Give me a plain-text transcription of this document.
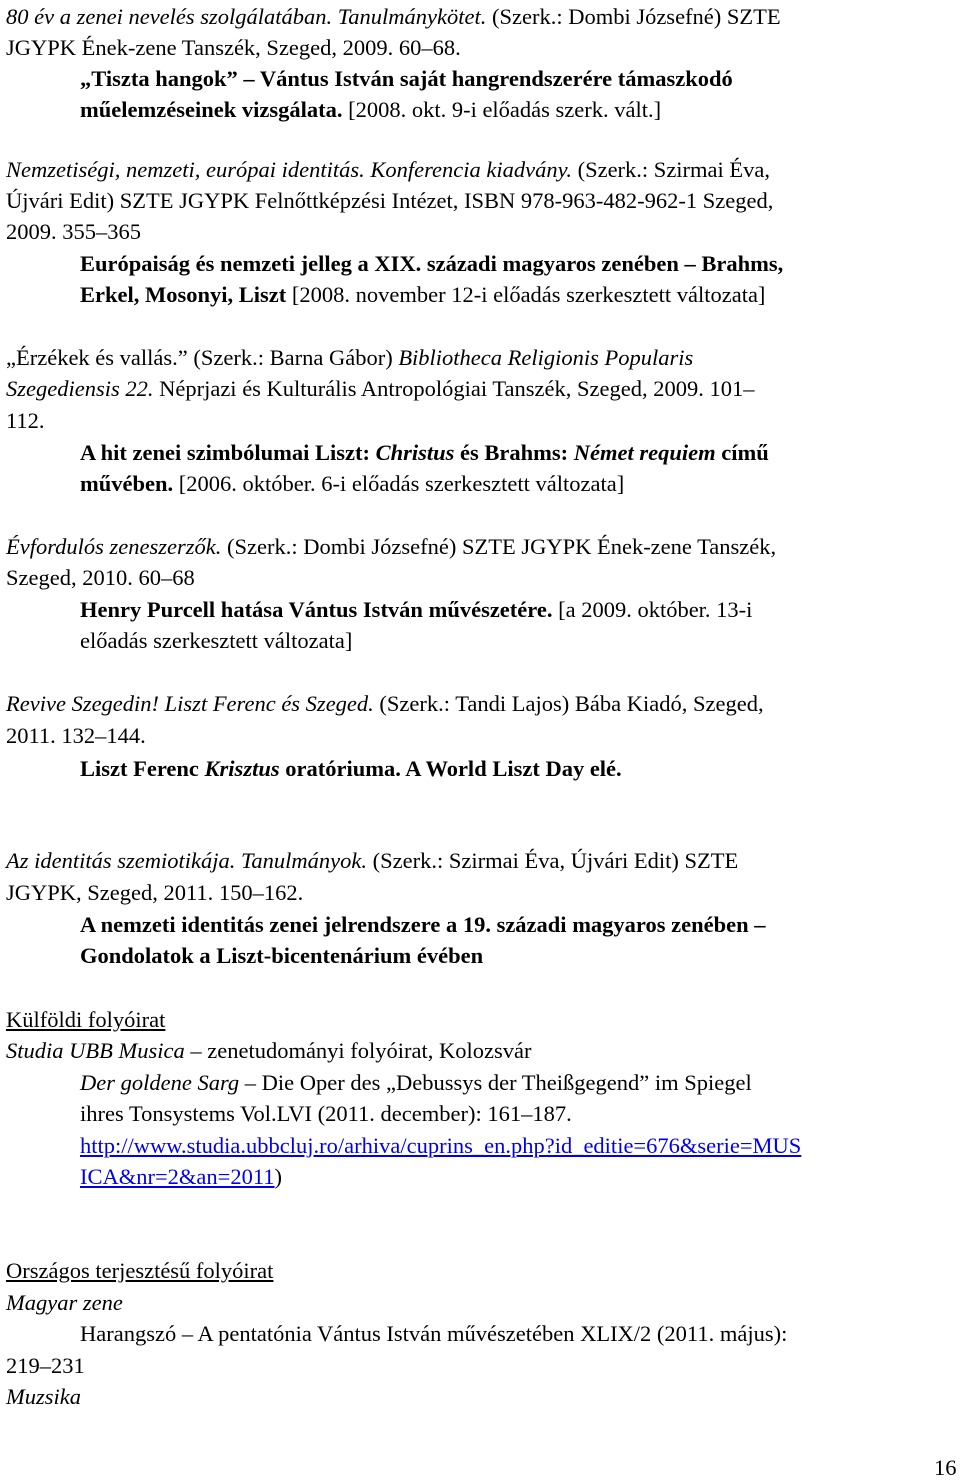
80 év a zenei nevelés szolgálatában. Tanulmánykötet. (Szerk.: Dombi Józsefné) SZTE
JGYPK Ének-zene Tanszék, Szeged, 2009. 60–68.
„Tiszta hangok” – Vántus István saját hangrendszerére támaszkodó
műelemzéseinek vizsgálata. [2008. okt. 9-i előadás szerk. vált.]
Nemzetiségi, nemzeti, európai identitás. Konferencia kiadvány. (Szerk.: Szirmai Éva,
Újvári Edit) SZTE JGYPK Felnőttképzési Intézet, ISBN 978-963-482-962-1 Szeged,
2009. 355–365
Európaiság és nemzeti jelleg a XIX. századi magyaros zenében – Brahms,
Erkel, Mosonyi, Liszt [2008. november 12-i előadás szerkesztett változata]
„Érzékek és vallás.” (Szerk.: Barna Gábor) Bibliotheca Religionis Popularis
Szegediensis 22. Néprjazi és Kulturális Antropológiai Tanszék, Szeged, 2009. 101–
112.
A hit zenei szimbólumai Liszt: Christus és Brahms: Német requiem című
művében. [2006. október. 6-i előadás szerkesztett változata]
Évfordulós zeneszerzők. (Szerk.: Dombi Józsefné) SZTE JGYPK Ének-zene Tanszék,
Szeged, 2010. 60–68
Henry Purcell hatása Vántus István művészetére. [a 2009. október. 13-i
előadás szerkesztett változata]
Revive Szegedin! Liszt Ferenc és Szeged. (Szerk.: Tandi Lajos) Bába Kiadó, Szeged,
2011. 132–144.
Liszt Ferenc Krisztus oratóriuma. A World Liszt Day elé.
Az identitás szemiotikája. Tanulmányok. (Szerk.: Szirmai Éva, Újvári Edit) SZTE
JGYPK, Szeged, 2011. 150–162.
A nemzeti identitás zenei jelrendszere a 19. századi magyaros zenében –
Gondolatok a Liszt-bicentenárium évében
Külföldi folyóirat
Studia UBB Musica – zenetudományi folyóirat, Kolozsvár
Der goldene Sarg – Die Oper des „Debussys der Theißgegend” im Spiegel
ihres Tonsystems Vol.LVI (2011. december): 161–187.
http://www.studia.ubbcluj.ro/arhiva/cuprins_en.php?id_editie=676&serie=MUS
ICA&nr=2&an=2011)
Országos terjesztésű folyóirat
Magyar zene
Harangszó – A pentatónia Vántus István művészetében XLIX/2 (2011. május):
219–231
Muzsika
16
